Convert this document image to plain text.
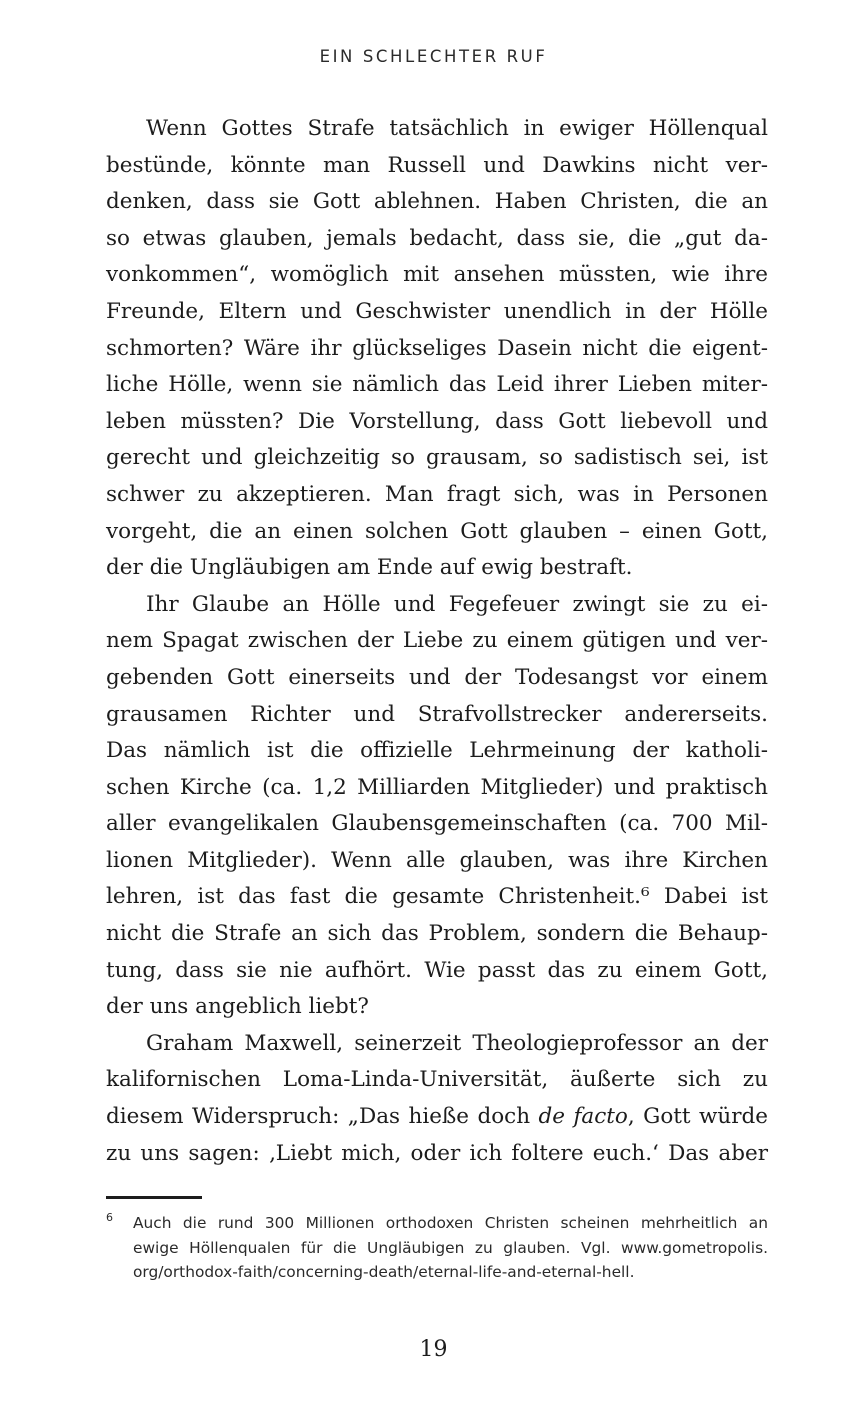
EIN SCHLECHTER RUF
Wenn Gottes Strafe tatsächlich in ewiger Höllenqual
bestünde, könnte man Russell und Dawkins nicht ver-
denken, dass sie Gott ablehnen. Haben Christen, die an
so etwas glauben, jemals bedacht, dass sie, die „gut da-
vonkommen“, womöglich mit ansehen müssten, wie ihre
Freunde, Eltern und Geschwister unendlich in der Hölle
schmorten? Wäre ihr glückseliges Dasein nicht die eigent-
liche Hölle, wenn sie nämlich das Leid ihrer Lieben miter-
leben müssten? Die Vorstellung, dass Gott liebevoll und
gerecht und gleichzeitig so grausam, so sadistisch sei, ist
schwer zu akzeptieren. Man fragt sich, was in Personen
vorgeht, die an einen solchen Gott glauben – einen Gott,
der die Ungläubigen am Ende auf ewig bestraft.
Ihr Glaube an Hölle und Fegefeuer zwingt sie zu ei-
nem Spagat zwischen der Liebe zu einem gütigen und ver-
gebenden Gott einerseits und der Todesangst vor einem
grausamen Richter und Strafvollstrecker andererseits.
Das nämlich ist die offizielle Lehrmeinung der katholi-
schen Kirche (ca. 1,2 Milliarden Mitglieder) und praktisch
aller evangelikalen Glaubensgemeinschaften (ca. 700 Mil-
lionen Mitglieder). Wenn alle glauben, was ihre Kirchen
lehren, ist das fast die gesamte Christenheit.⁶ Dabei ist
nicht die Strafe an sich das Problem, sondern die Behaup-
tung, dass sie nie aufhört. Wie passt das zu einem Gott,
der uns angeblich liebt?
Graham Maxwell, seinerzeit Theologieprofessor an der
kalifornischen Loma-Linda-Universität, äußerte sich zu
diesem Widerspruch: „Das hieße doch de facto, Gott würde
zu uns sagen: ‚Liebt mich, oder ich foltere euch.‘ Das aber
6 Auch die rund 300 Millionen orthodoxen Christen scheinen mehrheitlich an
ewige Höllenqualen für die Ungläubigen zu glauben. Vgl. www.gometropolis.
org/orthodox-faith/concerning-death/eternal-life-and-eternal-hell.
19
